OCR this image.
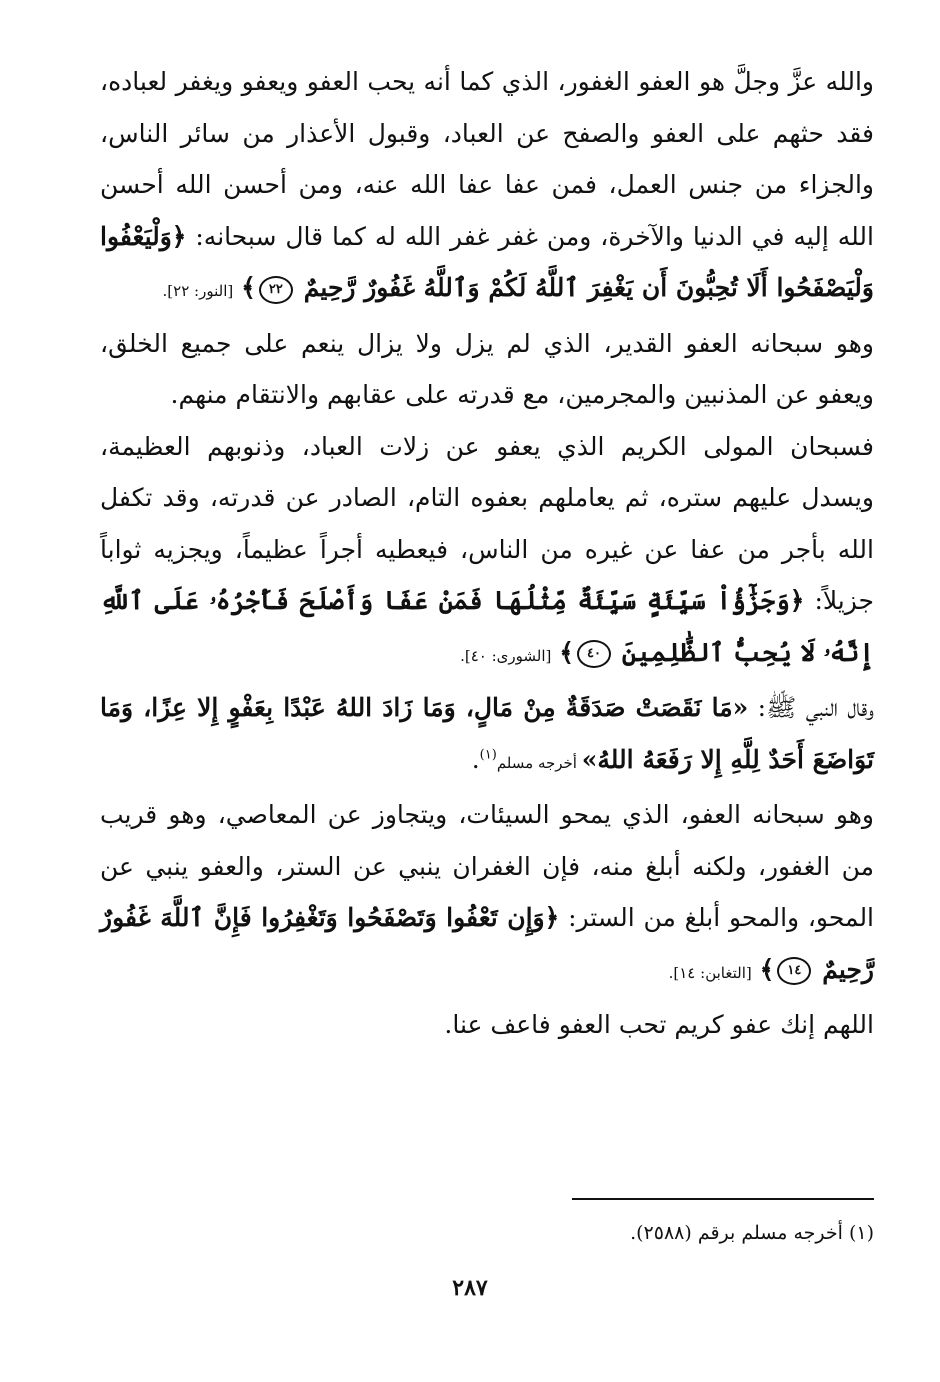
والله عزَّ وجلَّ هو العفو الغفور، الذي كما أنه يحب العفو ويعفو ويغفر لعباده، فقد حثهم على العفو والصفح عن العباد، وقبول الأعذار من سائر الناس، والجزاء من جنس العمل، فمن عفا عفا الله عنه، ومن أحسن الله أحسن الله إليه في الدنيا والآخرة، ومن غفر غفر الله له كما قال سبحانه: ﴿وَلْيَعْفُوا وَلْيَصْفَحُوا أَلَا تُحِبُّونَ أَن يَغْفِرَ ٱللَّهُ لَكُمْ وَٱللَّهُ غَفُورٌ رَّحِيمٌ ٢٢﴾ [النور: ٢٢].

وهو سبحانه العفو القدير، الذي لم يزل ولا يزال ينعم على جميع الخلق، ويعفو عن المذنبين والمجرمين، مع قدرته على عقابهم والانتقام منهم.

فسبحان المولى الكريم الذي يعفو عن زلات العباد، وذنوبهم العظيمة، ويسدل عليهم ستره، ثم يعاملهم بعفوه التام، الصادر عن قدرته، وقد تكفل الله بأجر من عفا عن غيره من الناس، فيعطيه أجراً عظيماً، ويجزيه ثواباً جزيلاً: ﴿وَجَزَٰٓؤُاْ سَيِّئَةٍ سَيِّئَةٌ مِّثْلُهَا فَمَنْ عَفَا وَأَصْلَحَ فَأَجْرُهُۥ عَلَى ٱللَّهِ إِنَّهُۥ لَا يُحِبُّ ٱلظَّٰلِمِينَ ٤٠﴾ [الشورى: ٤٠].

وقال النبي ﷺ: «مَا نَقَصَتْ صَدَقَةٌ مِنْ مَالٍ، وَمَا زَادَ اللهُ عَبْدًا بِعَفْوٍ إِلا عِزًا، وَمَا تَوَاضَعَ أَحَدٌ لِلَّهِ إِلا رَفَعَهُ اللهُ» أخرجه مسلم$^{(١)}$.

وهو سبحانه العفو، الذي يمحو السيئات، ويتجاوز عن المعاصي، وهو قريب من الغفور، ولكنه أبلغ منه، فإن الغفران ينبي عن الستر، والعفو ينبي عن المحو، والمحو أبلغ من الستر: ﴿وَإِن تَعْفُوا وَتَصْفَحُوا وَتَغْفِرُوا فَإِنَّ ٱللَّهَ غَفُورٌ رَّحِيمٌ ١٤﴾ [التغابن: ١٤].

اللهم إنك عفو كريم تحب العفو فاعف عنا.

(١) أخرجه مسلم برقم (٢٥٨٨).
٢٨٧
